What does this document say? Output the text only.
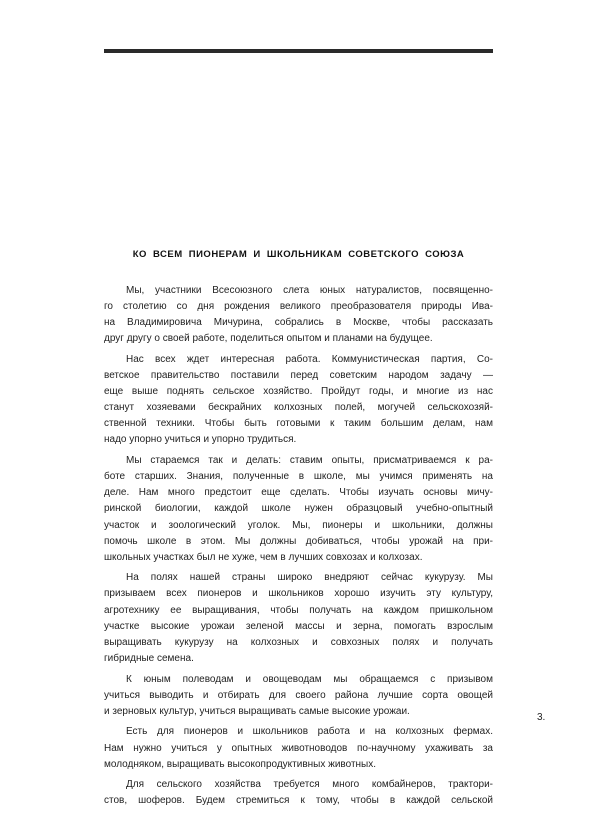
КО ВСЕМ ПИОНЕРАМ И ШКОЛЬНИКАМ СОВЕТСКОГО СОЮЗА
Мы, участники Всесоюзного слета юных натуралистов, посвященно-
го столетию со дня рождения великого преобразователя природы Ива-
на Владимировича Мичурина, собрались в Москве, чтобы рассказать
друг другу о своей работе, поделиться опытом и планами на будущее.
Нас всех ждет интересная работа. Коммунистическая партия, Со-
ветское правительство поставили перед советским народом задачу —
еще выше поднять сельское хозяйство. Пройдут годы, и многие из нас
станут хозяевами бескрайних колхозных полей, могучей сельскохозяй-
ственной техники. Чтобы быть готовыми к таким большим делам, нам
надо упорно учиться и упорно трудиться.
Мы стараемся так и делать: ставим опыты, присматриваемся к ра-
боте старших. Знания, полученные в школе, мы учимся применять на
деле. Нам много предстоит еще сделать. Чтобы изучать основы мичу-
ринской биологии, каждой школе нужен образцовый учебно-опытный
участок и зоологический уголок. Мы, пионеры и школьники, должны
помочь школе в этом. Мы должны добиваться, чтобы урожай на при-
школьных участках был не хуже, чем в лучших совхозах и колхозах.
На полях нашей страны широко внедряют сейчас кукурузу. Мы
призываем всех пионеров и школьников хорошо изучить эту культуру,
агротехнику ее выращивания, чтобы получать на каждом пришкольном
участке высокие урожаи зеленой массы и зерна, помогать взрослым
выращивать кукурузу на колхозных и совхозных полях и получать
гибридные семена.
К юным полеводам и овощеводам мы обращаемся с призывом
учиться выводить и отбирать для своего района лучшие сорта овощей
и зерновых культур, учиться выращивать самые высокие урожаи.
Есть для пионеров и школьников работа и на колхозных фермах.
Нам нужно учиться у опытных животноводов по-научному ухаживать за
молодняком, выращивать высокопродуктивных животных.
Для сельского хозяйства требуется много комбайнеров, трактори-
стов, шоферов. Будем стремиться к тому, чтобы в каждой сельской
3.
